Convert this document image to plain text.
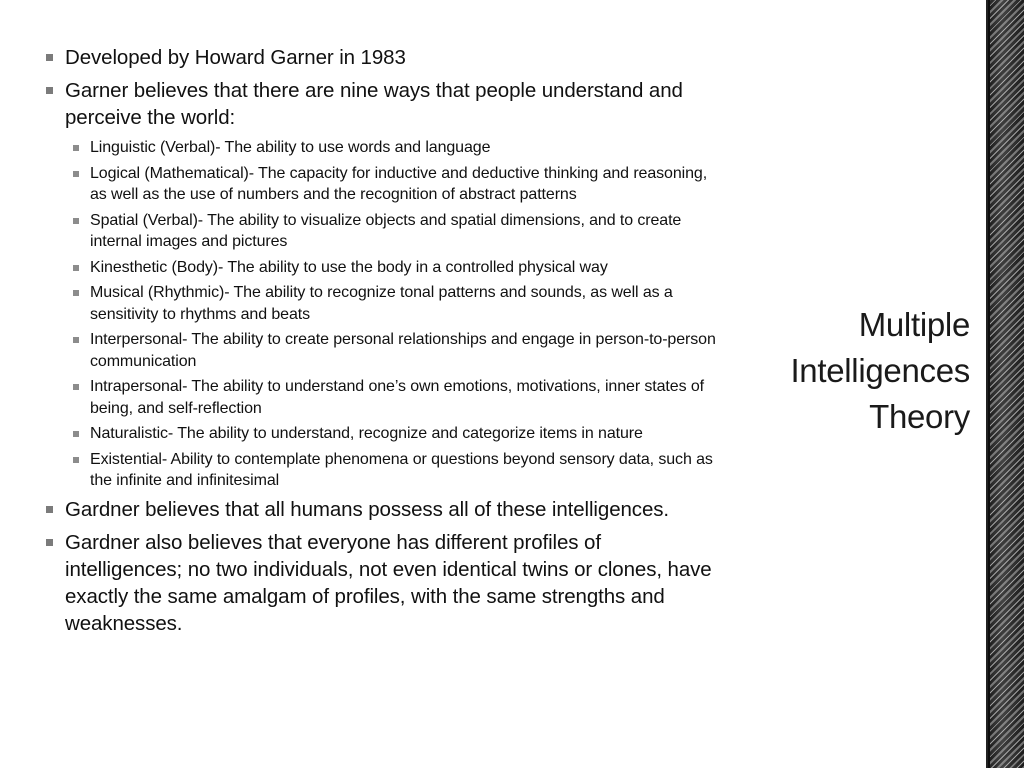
Developed by Howard Garner in 1983
Garner believes that there are nine ways that people understand and perceive the world:
Linguistic (Verbal)- The ability to use words and language
Logical (Mathematical)- The capacity for inductive and deductive thinking and reasoning, as well as the use of numbers and the recognition of abstract patterns
Spatial (Verbal)- The ability to visualize objects and spatial dimensions, and to create internal images and pictures
Kinesthetic (Body)- The ability to use the body in a controlled physical way
Musical (Rhythmic)- The ability to recognize tonal patterns and sounds, as well as a sensitivity to rhythms and beats
Interpersonal- The ability to create personal relationships and engage in person-to-person communication
Intrapersonal- The ability to understand one’s own emotions, motivations, inner states of being, and self-reflection
Naturalistic- The ability to understand, recognize and categorize items in nature
Existential- Ability to contemplate phenomena or questions beyond sensory data, such as the infinite and infinitesimal
Gardner believes that all humans possess all of these intelligences.
Gardner also believes that everyone has different profiles of intelligences; no two individuals, not even identical twins or clones, have exactly the same amalgam of profiles, with the same strengths and weaknesses.
Multiple
Intelligences
Theory
